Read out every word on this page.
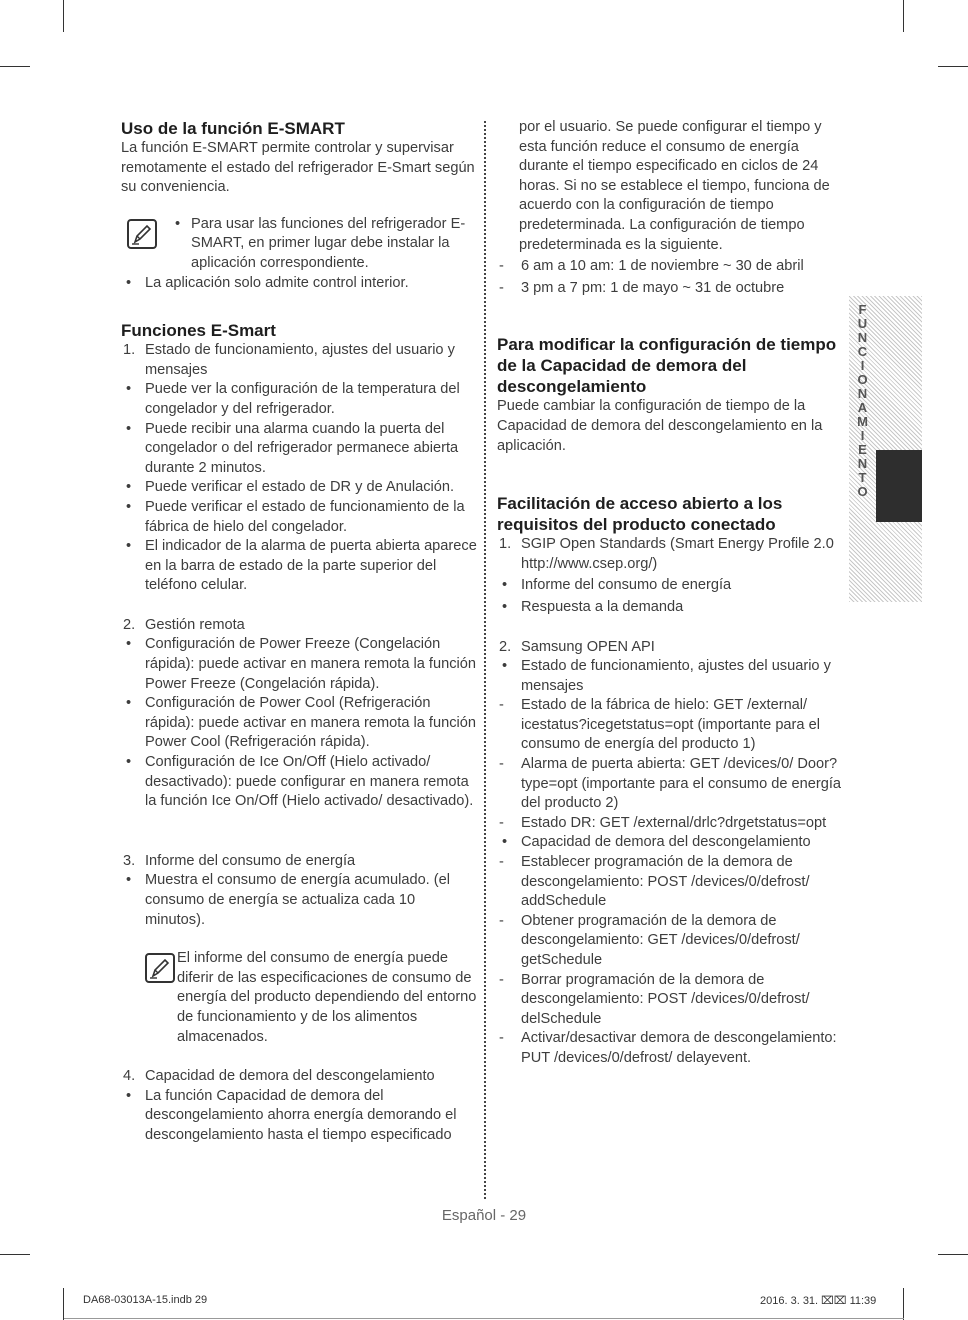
Uso de la función E-SMART

La función E-SMART permite controlar y supervisar remotamente el estado del refrigerador E-Smart según su conveniencia.

• Para usar las funciones del refrigerador E-SMART, en primer lugar debe instalar la aplicación correspondiente.
• La aplicación solo admite control interior.
Funciones E-Smart
1. Estado de funcionamiento, ajustes del usuario y mensajes
• Puede ver la configuración de la temperatura del congelador y del refrigerador.
• Puede recibir una alarma cuando la puerta del congelador o del refrigerador permanece abierta durante 2 minutos.
• Puede verificar el estado de DR y de Anulación.
• Puede verificar el estado de funcionamiento de la fábrica de hielo del congelador.
• El indicador de la alarma de puerta abierta aparece en la barra de estado de la parte superior del teléfono celular.
2. Gestión remota
• Configuración de Power Freeze (Congelación rápida): puede activar en manera remota la función Power Freeze (Congelación rápida).
• Configuración de Power Cool (Refrigeración rápida): puede activar en manera remota la función Power Cool (Refrigeración rápida).
• Configuración de Ice On/Off (Hielo activado/ desactivado): puede configurar en manera remota la función Ice On/Off (Hielo activado/ desactivado).
3. Informe del consumo de energía
• Muestra el consumo de energía acumulado. (el consumo de energía se actualiza cada 10 minutos).

El informe del consumo de energía puede diferir de las especificaciones de consumo de energía del producto dependiendo del entorno de funcionamiento y de los alimentos almacenados.

4. Capacidad de demora del descongelamiento
• La función Capacidad de demora del descongelamiento ahorra energía demorando el descongelamiento hasta el tiempo especificado

por el usuario. Se puede configurar el tiempo y esta función reduce el consumo de energía durante el tiempo especificado en ciclos de 24 horas. Si no se establece el tiempo, funciona de acuerdo con la configuración de tiempo predeterminada. La configuración de tiempo predeterminada es la siguiente.

- 6 am a 10 am: 1 de noviembre ~ 30 de abril
- 3 pm a 7 pm: 1 de mayo ~ 31 de octubre
Para modificar la configuración de tiempo de la Capacidad de demora del descongelamiento

Puede cambiar la configuración de tiempo de la Capacidad de demora del descongelamiento en la aplicación.

Facilitación de acceso abierto a los requisitos del producto conectado
1. SGIP Open Standards (Smart Energy Profile 2.0 http://www.csep.org/)
• Informe del consumo de energía
• Respuesta a la demanda
2. Samsung OPEN API
• Estado de funcionamiento, ajustes del usuario y mensajes
- Estado de la fábrica de hielo: GET /external/ icestatus?icegetstatus=opt (importante para el consumo de energía del producto 1)
- Alarma de puerta abierta: GET /devices/0/ Door?type=opt (importante para el consumo de energía del producto 2)
- Estado DR: GET /external/drlc?drgetstatus=opt
• Capacidad de demora del descongelamiento
- Establecer programación de la demora de descongelamiento: POST /devices/0/defrost/ addSchedule
- Obtener programación de la demora de descongelamiento: GET /devices/0/defrost/ getSchedule
- Borrar programación de la demora de descongelamiento: POST /devices/0/defrost/ delSchedule
- Activar/desactivar demora de descongelamiento: PUT /devices/0/defrost/ delayevent.
FUNCIONAMIENTO
Español - 29
DA68-03013A-15.indb 29	2016. 3. 31. ⌧⌧ 11:39
